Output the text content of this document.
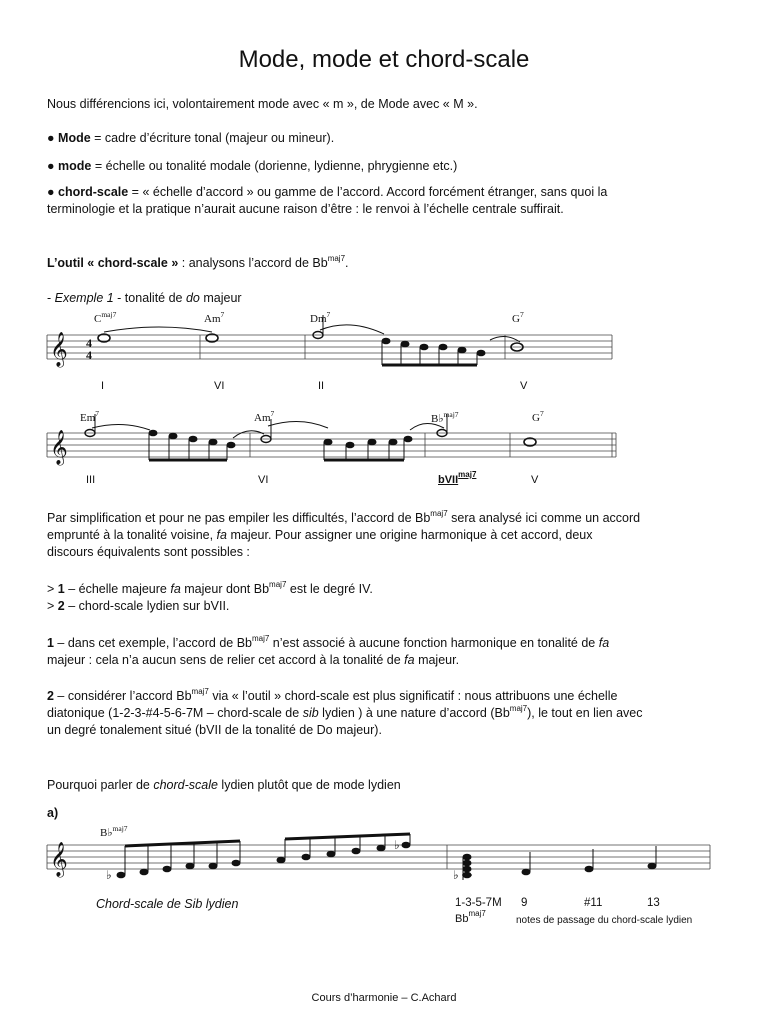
Mode, mode et chord-scale
Nous différencions ici, volontairement mode avec « m », de Mode avec « M ».
● Mode = cadre d’écriture tonal (majeur ou mineur).
● mode = échelle ou tonalité modale (dorienne, lydienne, phrygienne etc.)
● chord-scale = « échelle d’accord » ou gamme de l’accord. Accord forcément étranger, sans quoi la
terminologie et la pratique n’aurait aucune raison d’être : le renvoi à l’échelle centrale suffirait.
L’outil « chord-scale » : analysons l’accord de $Bb^{maj7}$.
- Exemple 1 - tonalité de do majeur
$C^{maj7}$	Am$^7$	Dm$^7$	$G^7$
𝄞 4
4
I	VI	II	V
Em$^7$	Am$^7$	B♭$^{maj7}$	$G^7$
𝄞
III	VI	bVII$^{maj7}$	V
Par simplification et pour ne pas empiler les difficultés, l’accord de $Bb^{maj7}$ sera analysé ici comme un accord
emprunté à la tonalité voisine, fa majeur. Pour assigner une origine harmonique à cet accord, deux
discours équivalents sont possibles :
> 1 – échelle majeure fa majeur dont $Bb^{maj7}$ est le degré IV.
> 2 – chord-scale lydien sur bVII.
1 – dans cet exemple, l’accord de $Bb^{maj7}$ n’est associé à aucune fonction harmonique en tonalité de fa
majeur : cela n’a aucun sens de relier cet accord à la tonalité de fa majeur.
2 – considérer l’accord $Bb^{maj7}$ via « l’outil » chord-scale est plus significatif : nous attribuons une échelle
diatonique (1-2-3-#4-5-6-7M – chord-scale de sib lydien ) à une nature d’accord $(Bb^{maj7})$, le tout en lien avec
un degré tonalement situé (bVII de la tonalité de Do majeur).
Pourquoi parler de chord-scale lydien plutôt que de mode lydien
a)
B♭$^{maj7}$
𝄞	♭
♭
♭
Chord-scale de Sib lydien	1-3-5-7M 9	#11	13
$Bb^{maj7}$
notes de passage du chord-scale lydien
Cours d’harmonie – C.Achard
